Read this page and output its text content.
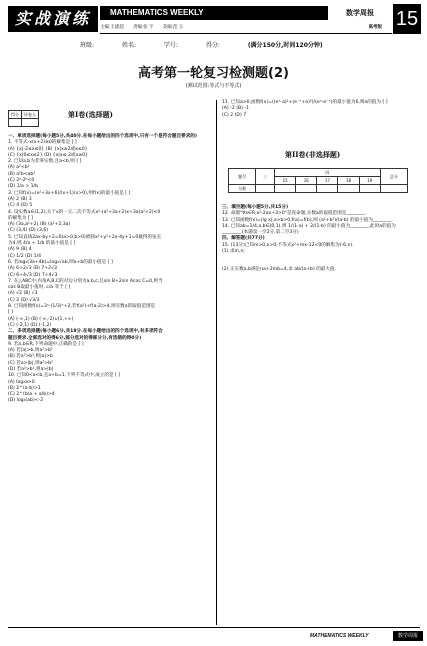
实战演练	MATHEMATICS WEEKLY	数学周报	15
主编:王建超 责编:张 宇 美编:范 玉	高考版
班级:	姓名:	学号:	得分:	(满分150分,时间120分钟)
高考第一轮复习检测题(2)
(测试范围:等式与不等式)
得分	评卷人
		第I卷(选择题)

一、单项选择题(每小题5分,共40分.在每小题给出的四个选项中,只有一个是符合题目要求的)

1. 不等式-x(x+2)≥0的解集是 [ ]

(A) {x|-2≤x≤0} (B) {x|x≥2或x≤0}

(C) {x|0≤x≤2} (D) {x|x≤-2或x≥0}

2. 已知a,b为非零实数,且a<b,则 [ ]

(A) a²<b²

(B) a²b<ab²

(C) 2ᵃ-2ᵇ<0

(D) 1/a > 1/b

3. 已知f(x)=(x²+3x+6)/(x+1)(x>0),则f(x)的最小值是 [ ]

(A) 2 (B) 3

(C) 4 (D) 5

4. 设实数a∈(1,2),关于x的一元二次不等式x²-(a²+3a+2)x+3a(a²+2)<0

的解集为 [ ]

(A) (3a,a²+2) (B) (a²+2,3a)

(C) (3,4) (D) (3,6)

5. 已知直线2ax-by+2=0(a>0,b>0)被圆x²+y²+2x-4y+1=0截得的弦长

为4,则 4/a + 1/b 的最小值是 [ ]

(A) 9 (B) 4

(C) 1/2 (D) 1/4

6. 若log₂(3a+4b)=log₂√ab,则a+b的最小值是 [ ]

(A) 6+2√3 (B) 7+2√3

(C) 6+4√3 (D) 7+4√3

7. 在△ABC中,内角A,B,C的对边分别为a,b,c,且sin B+2sin Acos C=0,则当

cos B取最小值时, c/a 等于 [ ]

(A) √2 (B) √3

(C) 2 (D) √3/3

8. 已知函数f(x)=3ˣ-(1/3)ˣ+2,若f(a²)+f(a-2)>4,则实数a的取值范围是

[ ]

(A) (-∞,1) (B) (-∞,-2)∪(1,+∞)

(C) (-2,1) (D) (-1,2)

二、多项选择题(每小题6分,共18分.在每小题给出的四个选项中,有多项符合

题目要求.全部选对的得6分,部分选对的得部分分,有选错的得0分)

9. 若a,b∈R,下列命题中,正确的是 [ ]

(A) 若|a|>b,则a²>b²

(B) 若a²>b²,则|a|>b

(C) 若a>|b|,则a²>b²

(D) 若a²>b²,则a>|b|

10. 已知0<a<b,且a+b=1,下列不等式中,成立的是 [ ]

(A) log₂a>0

(B) 2^(a-b)>1

(C) 2^(b/a + a/b)>4

(D) log₂(ab)<-2

11. 已知a>0,函数f(x)=((eˣ-a)²+(e⁻ˣ+a)²)/(eˣ-e⁻ˣ)的最小值为6,则a的值为 [ ]

(A) -2 (B) -1

(C) 2 (D) 7

第II卷(非选择题)
题号	三	四					总分
		15	16	17	18	19	
分数							

三、填空题(每小题5分,共15分)

12. 命题"∀x∈R,x²-2ax+3>0"是真命题,实数a的取值范围是________.

13. 已知函数f(x)=|lg x|,a>b>0,f(a)=f(b),则 (a²+b²)/(a-b) 的最小值为________.

14. 已知ab=1/4,a,b∈(0,1),则 1/(1-a) + 2/(1-b) 的最小值为________,此时a的值为

________.(本题第一空2分,第二空3分)

四、解答题(共77分)

15. (13分)已知m>0,x>0,不等式x²+mx-12<0的解集为(-6,n).

(1) 求m,n;

(2) 正实数a,b满足na+2mb=4,求 ab/(a+b) 的最大值.

MATHEMATICS WEEKLY	数学周报
